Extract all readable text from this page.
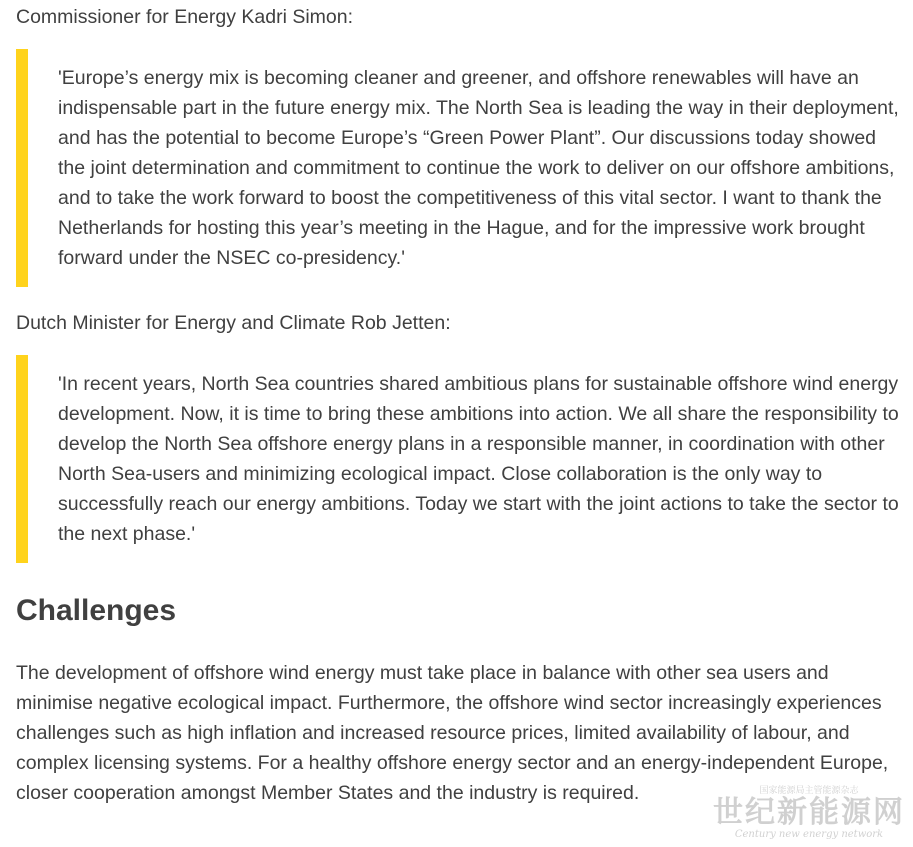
Commissioner for Energy Kadri Simon:

'Europe’s energy mix is becoming cleaner and greener, and offshore renewables will have an indispensable part in the future energy mix. The North Sea is leading the way in their deployment, and has the potential to become Europe’s “Green Power Plant”. Our discussions today showed the joint determination and commitment to continue the work to deliver on our offshore ambitions, and to take the work forward to boost the competitiveness of this vital sector. I want to thank the Netherlands for hosting this year’s meeting in the Hague, and for the impressive work brought forward under the NSEC co-presidency.'

Dutch Minister for Energy and Climate Rob Jetten:

'In recent years, North Sea countries shared ambitious plans for sustainable offshore wind energy development. Now, it is time to bring these ambitions into action. We all share the responsibility to develop the North Sea offshore energy plans in a responsible manner, in coordination with other North Sea-users and minimizing ecological impact. Close collaboration is the only way to successfully reach our energy ambitions. Today we start with the joint actions to take the sector to the next phase.'

Challenges

The development of offshore wind energy must take place in balance with other sea users and minimise negative ecological impact. Furthermore, the offshore wind sector increasingly experiences challenges such as high inflation and increased resource prices, limited availability of labour, and complex licensing systems. For a healthy offshore energy sector and an energy-independent Europe, closer cooperation amongst Member States and the industry is required.	国家能源局主管能源杂志
世纪新能源网
Century new energy network
